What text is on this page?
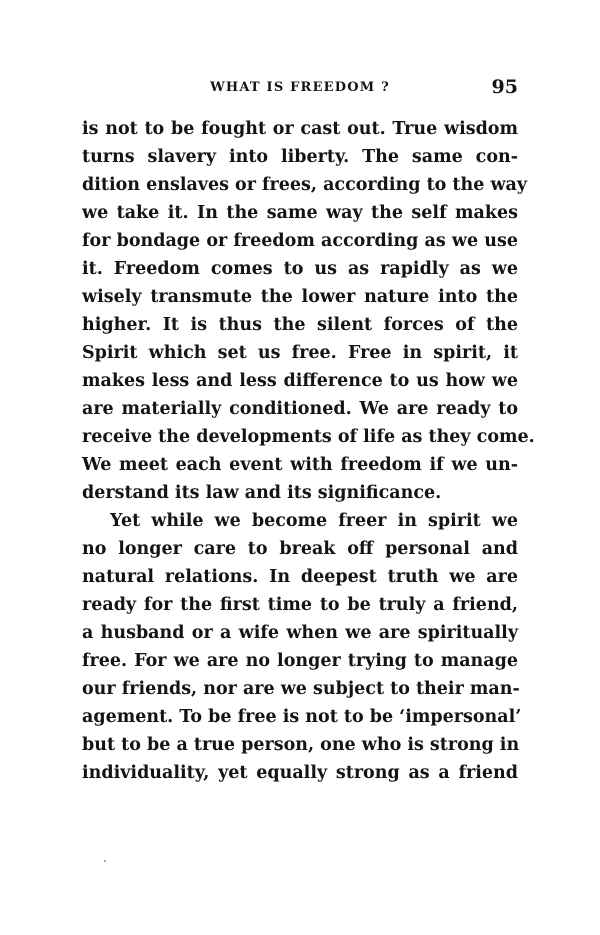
WHAT IS FREEDOM ?	95
is not to be fought or cast out. True wisdom
turns slavery into liberty. The same con-
dition enslaves or frees, according to the way
we take it. In the same way the self makes
for bondage or freedom according as we use
it. Freedom comes to us as rapidly as we
wisely transmute the lower nature into the
higher. It is thus the silent forces of the
Spirit which set us free. Free in spirit, it
makes less and less difference to us how we
are materially conditioned. We are ready to
receive the developments of life as they come.
We meet each event with freedom if we un-
derstand its law and its significance.
Yet while we become freer in spirit we
no longer care to break off personal and
natural relations. In deepest truth we are
ready for the first time to be truly a friend,
a husband or a wife when we are spiritually
free. For we are no longer trying to manage
our friends, nor are we subject to their man-
agement. To be free is not to be ‘impersonal’
but to be a true person, one who is strong in
individuality, yet equally strong as a friend
